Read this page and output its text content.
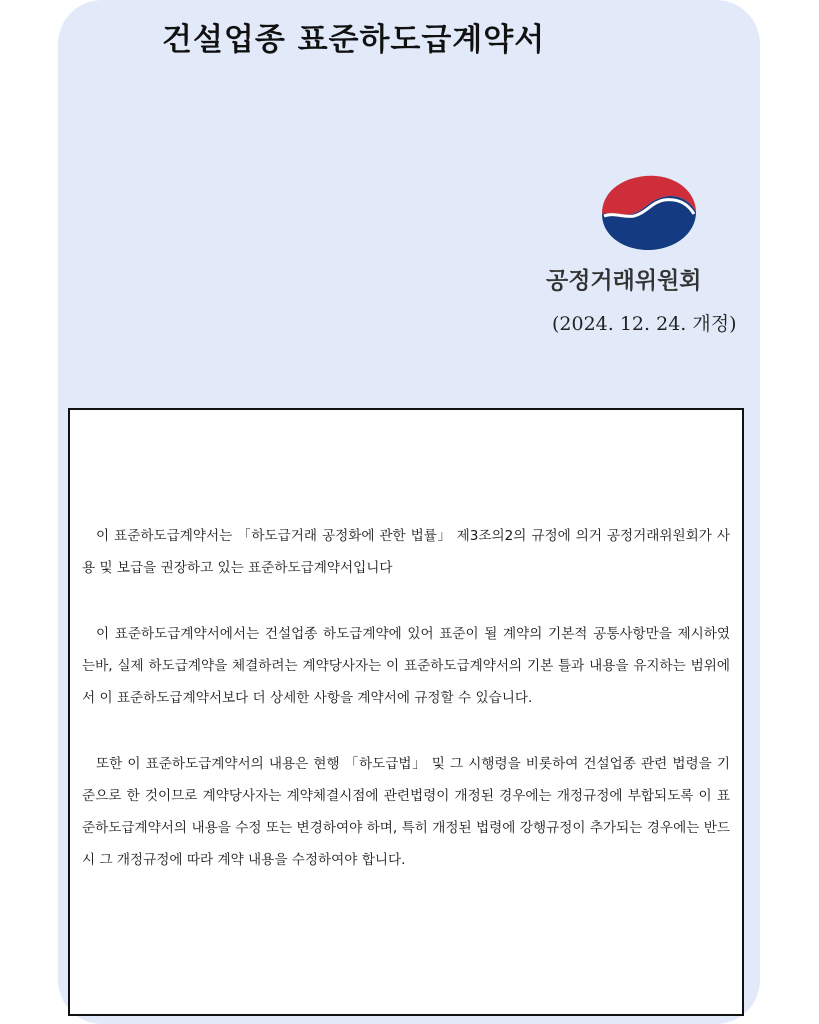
건설업종 표준하도급계약서
공정거래위원회
(2024. 12. 24. 개정)

이 표준하도급계약서는 「하도급거래 공정화에 관한 법률」 제3조의2의 규정에 의거 공정거래위원회가 사용 및 보급을 권장하고 있는 표준하도급계약서입니다

이 표준하도급계약서에서는 건설업종 하도급계약에 있어 표준이 될 계약의 기본적 공통사항만을 제시하였는바, 실제 하도급계약을 체결하려는 계약당사자는 이 표준하도급계약서의 기본 틀과 내용을 유지하는 범위에서 이 표준하도급계약서보다 더 상세한 사항을 계약서에 규정할 수 있습니다.

또한 이 표준하도급계약서의 내용은 현행 「하도급법」 및 그 시행령을 비롯하여 건설업종 관련 법령을 기준으로 한 것이므로 계약당사자는 계약체결시점에 관련법령이 개정된 경우에는 개정규정에 부합되도록 이 표준하도급계약서의 내용을 수정 또는 변경하여야 하며, 특히 개정된 법령에 강행규정이 추가되는 경우에는 반드시 그 개정규정에 따라 계약 내용을 수정하여야 합니다.
